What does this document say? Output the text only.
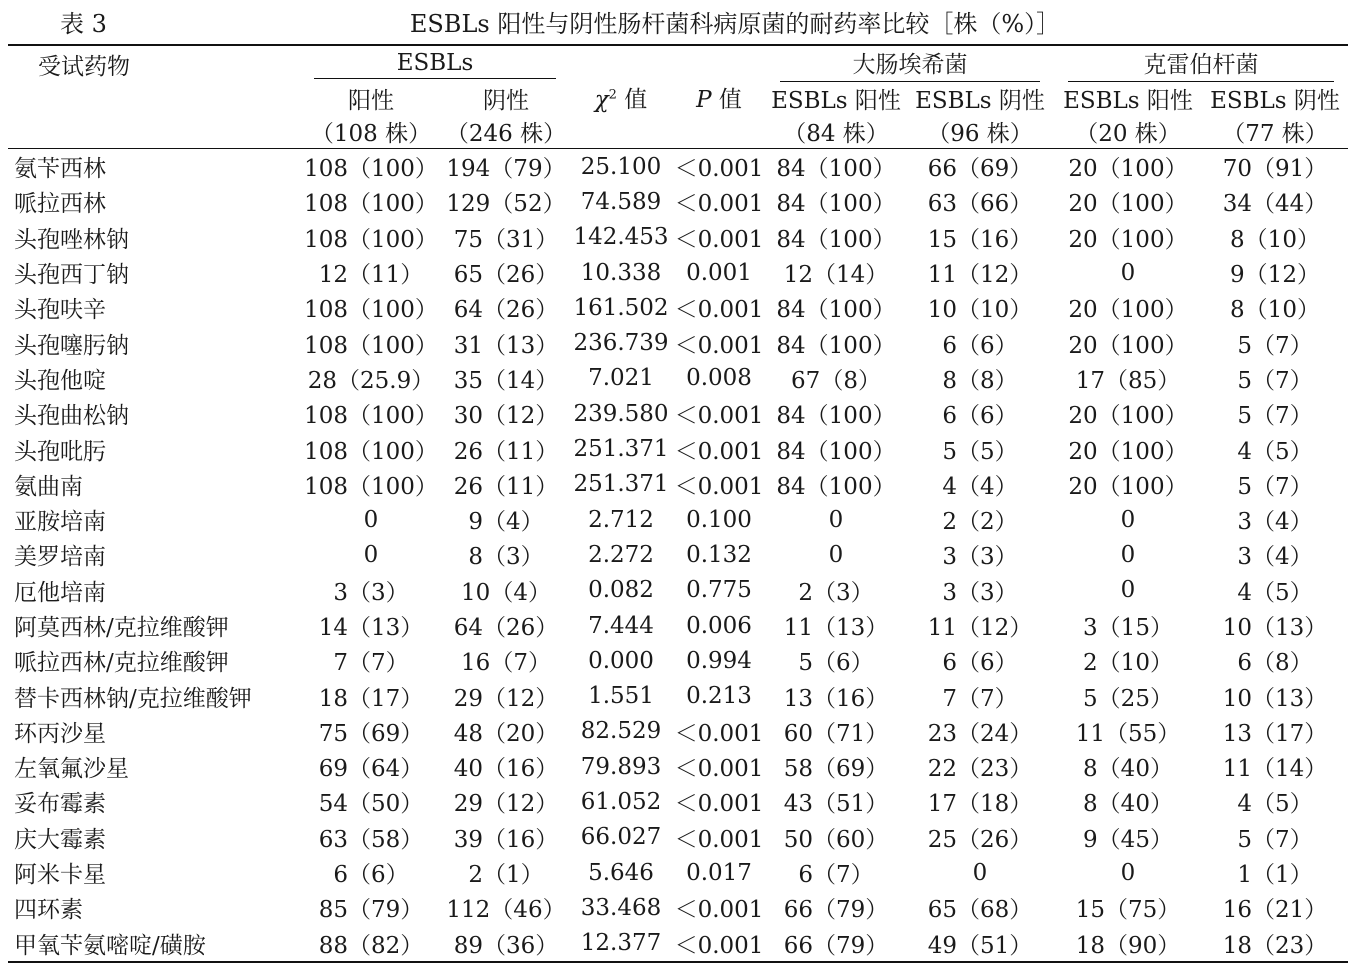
表 3	ESBLs 阳性与阴性肠杆菌科病原菌的耐药率比较［株（%）］
受试药物	ESBLs		$\chi^2$ 值	P 值	大肠埃希菌		克雷伯杆菌	

	阳性	阴性			ESBLs 阳性	ESBLs 阴性	ESBLs 阳性	ESBLs 阴性
	（108 株）	（246 株）			（84 株）	（96 株）	（20 株）	（77 株）
氨苄西林	108（100）	194（79）	25.100	＜0.001	84（100）	66（69）	20（100）	70（91）
哌拉西林	108（100）	129（52）	74.589	＜0.001	84（100）	63（66）	20（100）	34（44）
头孢唑林钠	108（100）	75（31）	142.453	＜0.001	84（100）	15（16）	20（100）	8（10）
头孢西丁钠	12（11）	65（26）	10.338	0.001	12（14）	11（12）	0	9（12）
头孢呋辛	108（100）	64（26）	161.502	＜0.001	84（100）	10（10）	20（100）	8（10）
头孢噻肟钠	108（100）	31（13）	236.739	＜0.001	84（100）	6（6）	20（100）	5（7）
头孢他啶	28（25.9）	35（14）	7.021	0.008	67（8）	8（8）	17（85）	5（7）
头孢曲松钠	108（100）	30（12）	239.580	＜0.001	84（100）	6（6）	20（100）	5（7）
头孢吡肟	108（100）	26（11）	251.371	＜0.001	84（100）	5（5）	20（100）	4（5）
氨曲南	108（100）	26（11）	251.371	＜0.001	84（100）	4（4）	20（100）	5（7）
亚胺培南	0	9（4）	2.712	0.100	0	2（2）	0	3（4）
美罗培南	0	8（3）	2.272	0.132	0	3（3）	0	3（4）
厄他培南	3（3）	10（4）	0.082	0.775	2（3）	3（3）	0	4（5）
阿莫西林/克拉维酸钾	14（13）	64（26）	7.444	0.006	11（13）	11（12）	3（15）	10（13）
哌拉西林/克拉维酸钾	7（7）	16（7）	0.000	0.994	5（6）	6（6）	2（10）	6（8）
替卡西林钠/克拉维酸钾	18（17）	29（12）	1.551	0.213	13（16）	7（7）	5（25）	10（13）
环丙沙星	75（69）	48（20）	82.529	＜0.001	60（71）	23（24）	11（55）	13（17）
左氧氟沙星	69（64）	40（16）	79.893	＜0.001	58（69）	22（23）	8（40）	11（14）
妥布霉素	54（50）	29（12）	61.052	＜0.001	43（51）	17（18）	8（40）	4（5）
庆大霉素	63（58）	39（16）	66.027	＜0.001	50（60）	25（26）	9（45）	5（7）
阿米卡星	6（6）	2（1）	5.646	0.017	6（7）	0	0	1（1）
四环素	85（79）	112（46）	33.468	＜0.001	66（79）	65（68）	15（75）	16（21）
甲氧苄氨嘧啶/磺胺	88（82）	89（36）	12.377	＜0.001	66（79）	49（51）	18（90）	18（23）
